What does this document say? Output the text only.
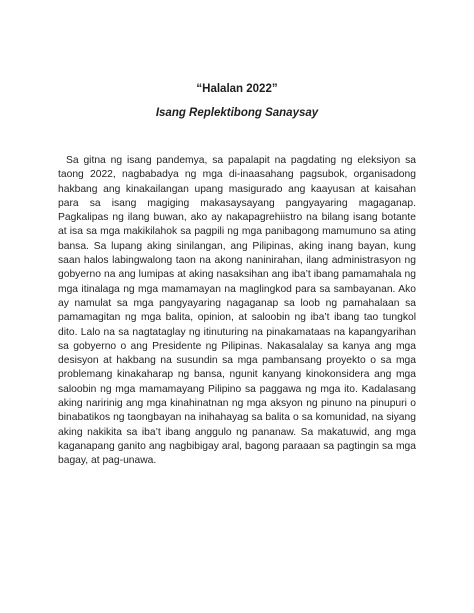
“Halalan 2022”
Isang Replektibong Sanaysay

Sa gitna ng isang pandemya, sa papalapit na pagdating ng eleksiyon sa taong 2022, nagbabadya ng mga di-inaasahang pagsubok, organisadong hakbang ang kinakailangan upang masigurado ang kaayusan at kaisahan para sa isang magiging makasaysayang pangyayaring magaganap. Pagkalipas ng ilang buwan, ako ay nakapagrehiistro na bilang isang botante at isa sa mga makikilahok sa pagpili ng mga panibagong mamumuno sa ating bansa. Sa lupang aking sinilangan, ang Pilipinas, aking inang bayan, kung saan halos labingwalong taon na akong naninirahan, ilang administrasyon ng gobyerno na ang lumipas at aking nasaksihan ang iba’t ibang pamamahala ng mga itinalaga ng mga mamamayan na maglingkod para sa sambayanan. Ako ay namulat sa mga pangyayaring nagaganap sa loob ng pamahalaan sa pamamagitan ng mga balita, opinion, at saloobin ng iba’t ibang tao tungkol dito. Lalo na sa nagtataglay ng itinuturing na pinakamataas na kapangyarihan sa gobyerno o ang Presidente ng Pilipinas. Nakasalalay sa kanya ang mga desisyon at hakbang na susundin sa mga pambansang proyekto o sa mga problemang kinakaharap ng bansa, ngunit kanyang kinokonsidera ang mga saloobin ng mga mamamayang Pilipino sa paggawa ng mga ito. Kadalasang aking naririnig ang mga kinahinatnan ng mga aksyon ng pinuno na pinupuri o binabatikos ng taongbayan na inihahayag sa balita o sa komunidad, na siyang aking nakikita sa iba’t ibang anggulo ng pananaw. Sa makatuwid, ang mga kaganapang ganito ang nagbibigay aral, bagong paraaan sa pagtingin sa mga bagay, at pag-unawa.
